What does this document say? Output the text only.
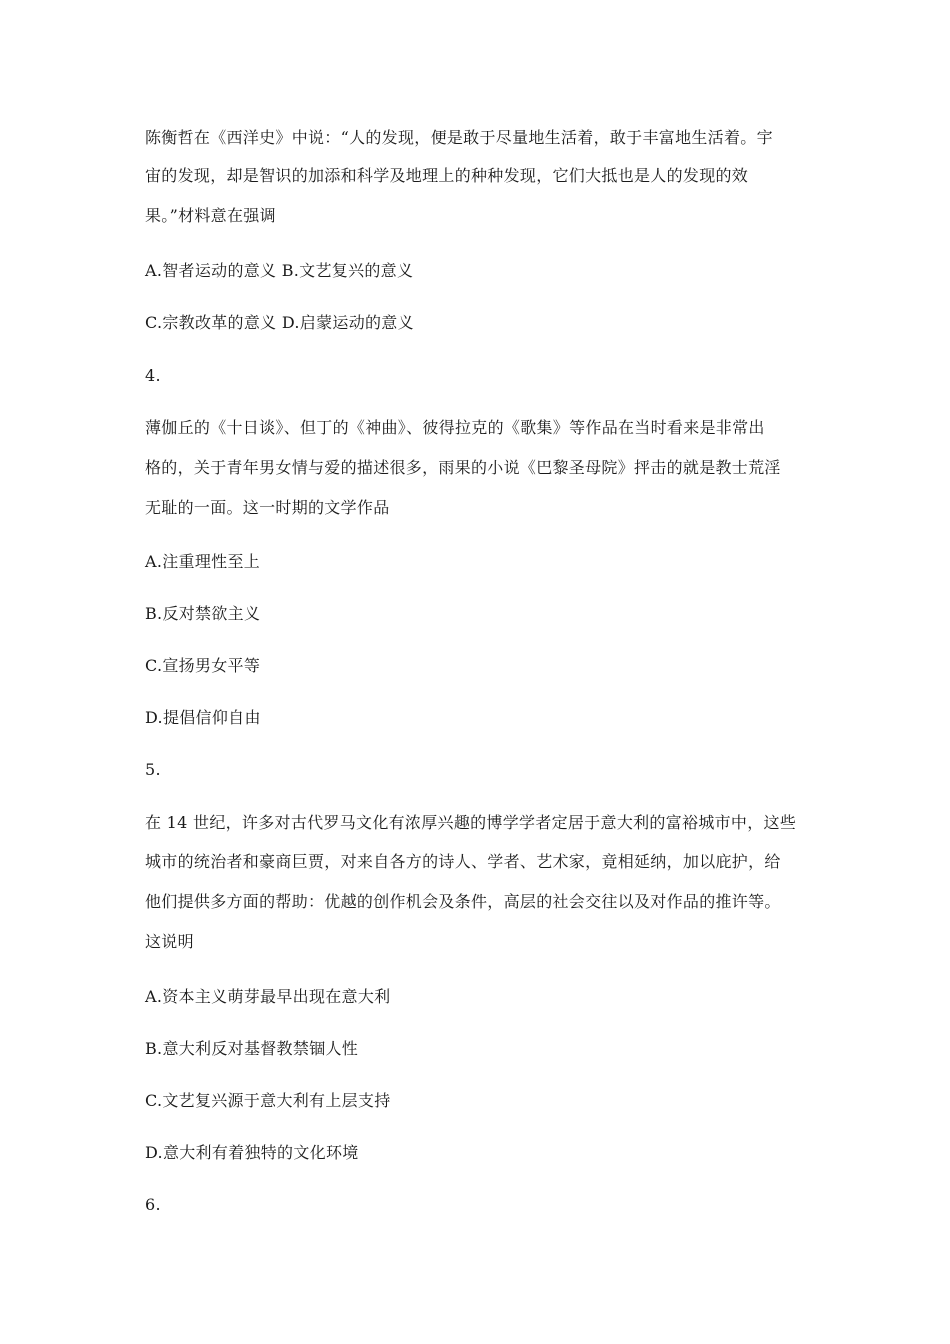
陈衡哲在《西洋史》中说：“人的发现，便是敢于尽量地生活着，敢于丰富地生活着。宇
宙的发现，却是智识的加添和科学及地理上的种种发现，它们大抵也是人的发现的效
果。”材料意在强调
A.智者运动的意义 B.文艺复兴的意义
C.宗教改革的意义 D.启蒙运动的意义
4.
薄伽丘的《十日谈》、但丁的《神曲》、彼得拉克的《歌集》等作品在当时看来是非常出
格的，关于青年男女情与爱的描述很多，雨果的小说《巴黎圣母院》抨击的就是教士荒淫
无耻的一面。这一时期的文学作品
A.注重理性至上
B.反对禁欲主义
C.宣扬男女平等
D.提倡信仰自由
5.
在 14 世纪，许多对古代罗马文化有浓厚兴趣的博学学者定居于意大利的富裕城市中，这些
城市的统治者和豪商巨贾，对来自各方的诗人、学者、艺术家，竟相延纳，加以庇护，给
他们提供多方面的帮助：优越的创作机会及条件，高层的社会交往以及对作品的推许等。
这说明
A.资本主义萌芽最早出现在意大利
B.意大利反对基督教禁锢人性
C.文艺复兴源于意大利有上层支持
D.意大利有着独特的文化环境
6.
